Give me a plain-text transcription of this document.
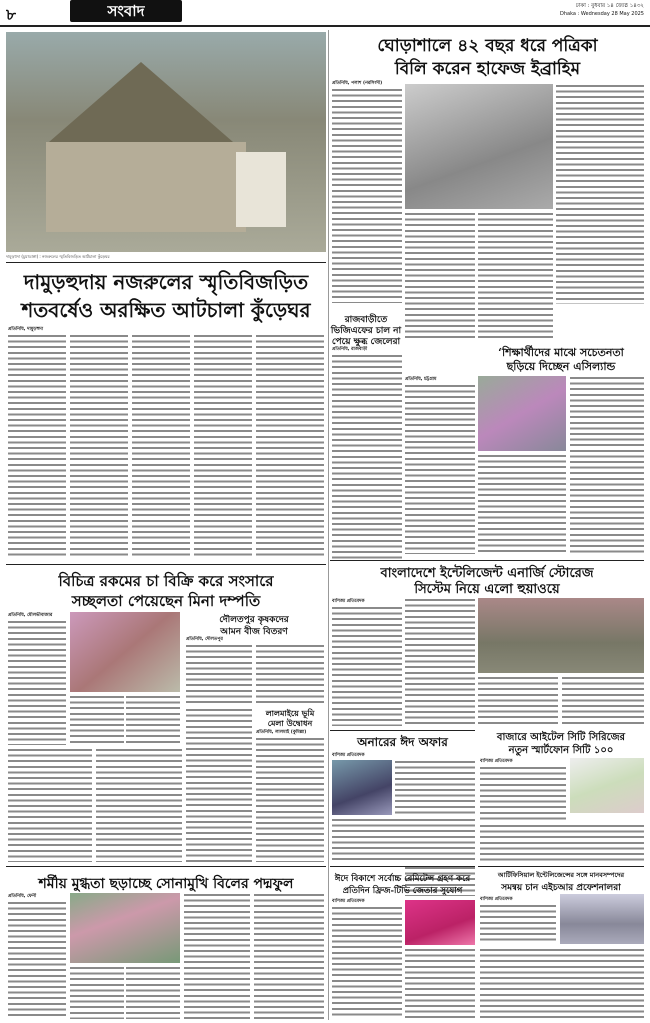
৮	সংবাদ	ঢাকা : বুধবার ১৪ জ্যৈষ্ঠ ১৪৩২
Dhaka : Wednesday 28 May 2025
দামুড়হুদা (চুয়াডাঙ্গা) : নজরুলের স্মৃতিবিজড়িত আটচালা কুঁড়েঘর
ঘোড়াশালে ৪২ বছর ধরে পত্রিকা
বিলি করেন হাফেজ ইব্রাহিম
প্রতিনিধি, পলাশ (নরসিংদী)
দামুড়হুদায় নজরুলের স্মৃতিবিজড়িত
শতবর্ষেও অরক্ষিত আটচালা কুঁড়েঘর
প্রতিনিধি, দামুড়হুদা
রাজবাড়ীতে
ভিজিএফের চাল না
পেয়ে ক্ষুব্ধ জেলেরা
প্রতিনিধি, রাজবাড়ী	‘শিক্ষার্থীদের মাঝে সচেতনতা
ছড়িয়ে দিচ্ছেন এসিল্যান্ড
প্রতিনিধি, চট্টগ্রাম
বাংলাদেশে ইন্টেলিজেন্ট এনার্জি স্টোরেজ
সিস্টেম নিয়ে এলো হুয়াওয়ে
বাণিজ্য প্রতিবেদক
বিচিত্র রকমের চা বিক্রি করে সংসারে
সচ্ছলতা পেয়েছেন মিনা দম্পতি
প্রতিনিধি, মৌলভীবাজার	দৌলতপুর কৃষকদের
আমন বীজ বিতরণ
প্রতিনিধি, দৌলতপুর
লালমাইয়ে ভূমি
মেলা উদ্বোধন
প্রতিনিধি, লালমাই (কুমিল্লা)
অনারের ঈদ অফার
বাণিজ্য প্রতিবেদক
বাজারে আইটেল সিটি সিরিজের
নতুন স্মার্টফোন সিটি ১০০
বাণিজ্য প্রতিবেদক
আর্টিফিসিয়াল ইন্টেলিজেন্সের সঙ্গে মানবসম্পদের
সমন্বয় চান এইচআর প্রফেশনালরা
বাণিজ্য প্রতিবেদক
শর্মীয় মুগ্ধতা ছড়াচ্ছে সোনামুখি বিলের পদ্মফুল
প্রতিনিধি, ফেনী
ঈদে বিকাশে সর্বোচ্চ রেমিটেন্স গ্রহণ করে
প্রতিদিন ফ্রিজ-টিভি জেতার সুযোগ
বাণিজ্য প্রতিবেদক
